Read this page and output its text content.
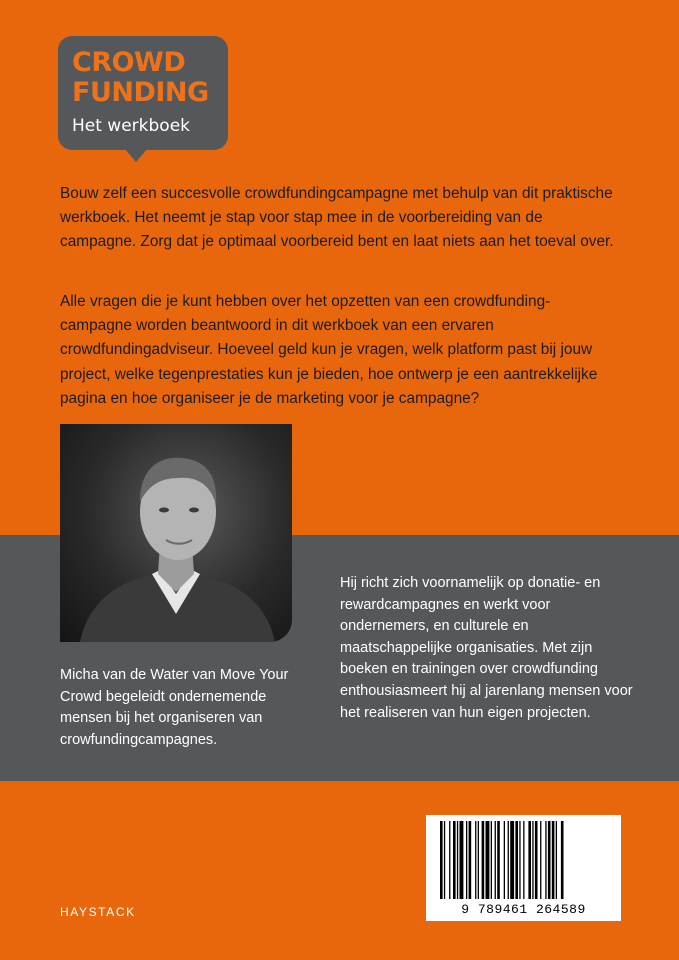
CROWD
FUNDING
Het werkboek

Bouw zelf een succesvolle crowdfundingcampagne met behulp van dit praktische werkboek. Het neemt je stap voor stap mee in de voorbereiding van de campagne. Zorg dat je optimaal voorbereid bent en laat niets aan het toeval over.

Alle vragen die je kunt hebben over het opzetten van een crowdfunding-campagne worden beantwoord in dit werkboek van een ervaren crowdfundingadviseur. Hoeveel geld kun je vragen, welk platform past bij jouw project, welke tegenprestaties kun je bieden, hoe ontwerp je een aantrekkelijke pagina en hoe organiseer je de marketing voor je campagne?

Micha van de Water van Move Your Crowd begeleidt ondernemende mensen bij het organiseren van crowfundingcampagnes.

Hij richt zich voornamelijk op donatie- en rewardcampagnes en werkt voor ondernemers, en culturele en maatschappelijke organisaties. Met zijn boeken en trainingen over crowdfunding enthousiasmeert hij al jarenlang mensen voor het realiseren van hun eigen projecten.

HAYSTACK	9 789461 264589
